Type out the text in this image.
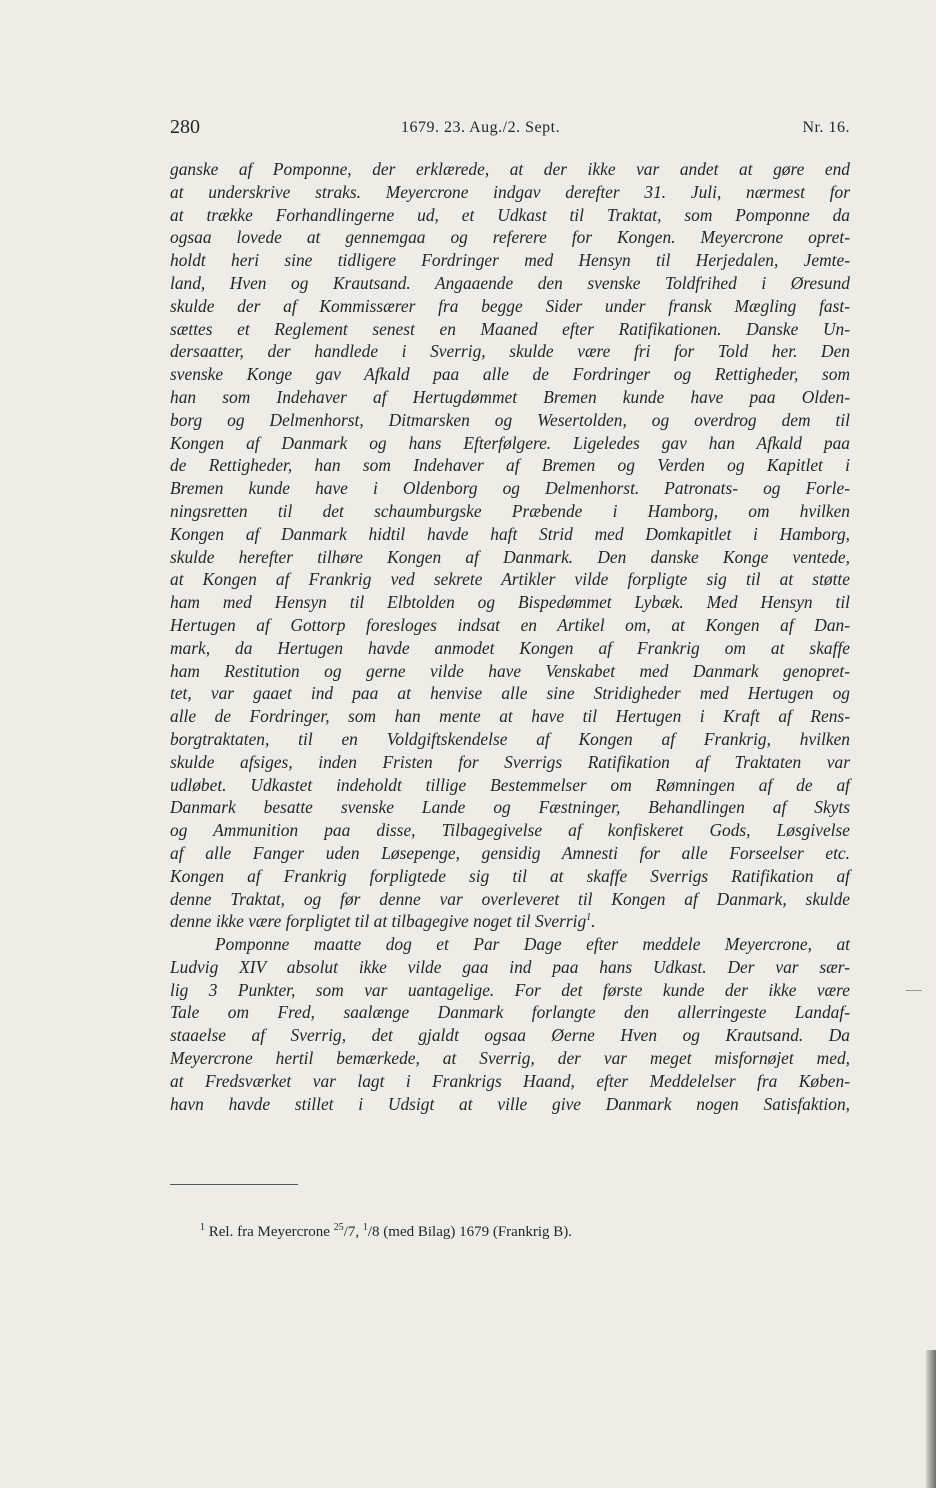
280	1679. 23. Aug./2. Sept.	Nr. 16.
ganske af Pomponne, der erklærede, at der ikke var andet at gøre end
at underskrive straks. Meyercrone indgav derefter 31. Juli, nærmest for
at trække Forhandlingerne ud, et Udkast til Traktat, som Pomponne da
ogsaa lovede at gennemgaa og referere for Kongen. Meyercrone opret-
holdt heri sine tidligere Fordringer med Hensyn til Herjedalen, Jemte-
land, Hven og Krautsand. Angaaende den svenske Toldfrihed i Øresund
skulde der af Kommissærer fra begge Sider under fransk Mægling fast-
sættes et Reglement senest en Maaned efter Ratifikationen. Danske Un-
dersaatter, der handlede i Sverrig, skulde være fri for Told her. Den
svenske Konge gav Afkald paa alle de Fordringer og Rettigheder, som
han som Indehaver af Hertugdømmet Bremen kunde have paa Olden-
borg og Delmenhorst, Ditmarsken og Wesertolden, og overdrog dem til
Kongen af Danmark og hans Efterfølgere. Ligeledes gav han Afkald paa
de Rettigheder, han som Indehaver af Bremen og Verden og Kapitlet i
Bremen kunde have i Oldenborg og Delmenhorst. Patronats- og Forle-
ningsretten til det schaumburgske Præbende i Hamborg, om hvilken
Kongen af Danmark hidtil havde haft Strid med Domkapitlet i Hamborg,
skulde herefter tilhøre Kongen af Danmark. Den danske Konge ventede,
at Kongen af Frankrig ved sekrete Artikler vilde forpligte sig til at støtte
ham med Hensyn til Elbtolden og Bispedømmet Lybæk. Med Hensyn til
Hertugen af Gottorp foresloges indsat en Artikel om, at Kongen af Dan-
mark, da Hertugen havde anmodet Kongen af Frankrig om at skaffe
ham Restitution og gerne vilde have Venskabet med Danmark genopret-
tet, var gaaet ind paa at henvise alle sine Stridigheder med Hertugen og
alle de Fordringer, som han mente at have til Hertugen i Kraft af Rens-
borgtraktaten, til en Voldgiftskendelse af Kongen af Frankrig, hvilken
skulde afsiges, inden Fristen for Sverrigs Ratifikation af Traktaten var
udløbet. Udkastet indeholdt tillige Bestemmelser om Rømningen af de af
Danmark besatte svenske Lande og Fæstninger, Behandlingen af Skyts
og Ammunition paa disse, Tilbagegivelse af konfiskeret Gods, Løsgivelse
af alle Fanger uden Løsepenge, gensidig Amnesti for alle Forseelser etc.
Kongen af Frankrig forpligtede sig til at skaffe Sverrigs Ratifikation af
denne Traktat, og før denne var overleveret til Kongen af Danmark, skulde
denne ikke være forpligtet til at tilbagegive noget til Sverrig$^1$.
Pomponne maatte dog et Par Dage efter meddele Meyercrone, at
Ludvig XIV absolut ikke vilde gaa ind paa hans Udkast. Der var sær-
lig 3 Punkter, som var uantagelige. For det første kunde der ikke være
Tale om Fred, saalænge Danmark forlangte den allerringeste Landaf-
staaelse af Sverrig, det gjaldt ogsaa Øerne Hven og Krautsand. Da
Meyercrone hertil bemærkede, at Sverrig, der var meget misfornøjet med,
at Fredsværket var lagt i Frankrigs Haand, efter Meddelelser fra Køben-
havn havde stillet i Udsigt at ville give Danmark nogen Satisfaktion,
$^1$ Rel. fra Meyercrone $^{25}$/7, $^1$/8 (med Bilag) 1679 (Frankrig B).
